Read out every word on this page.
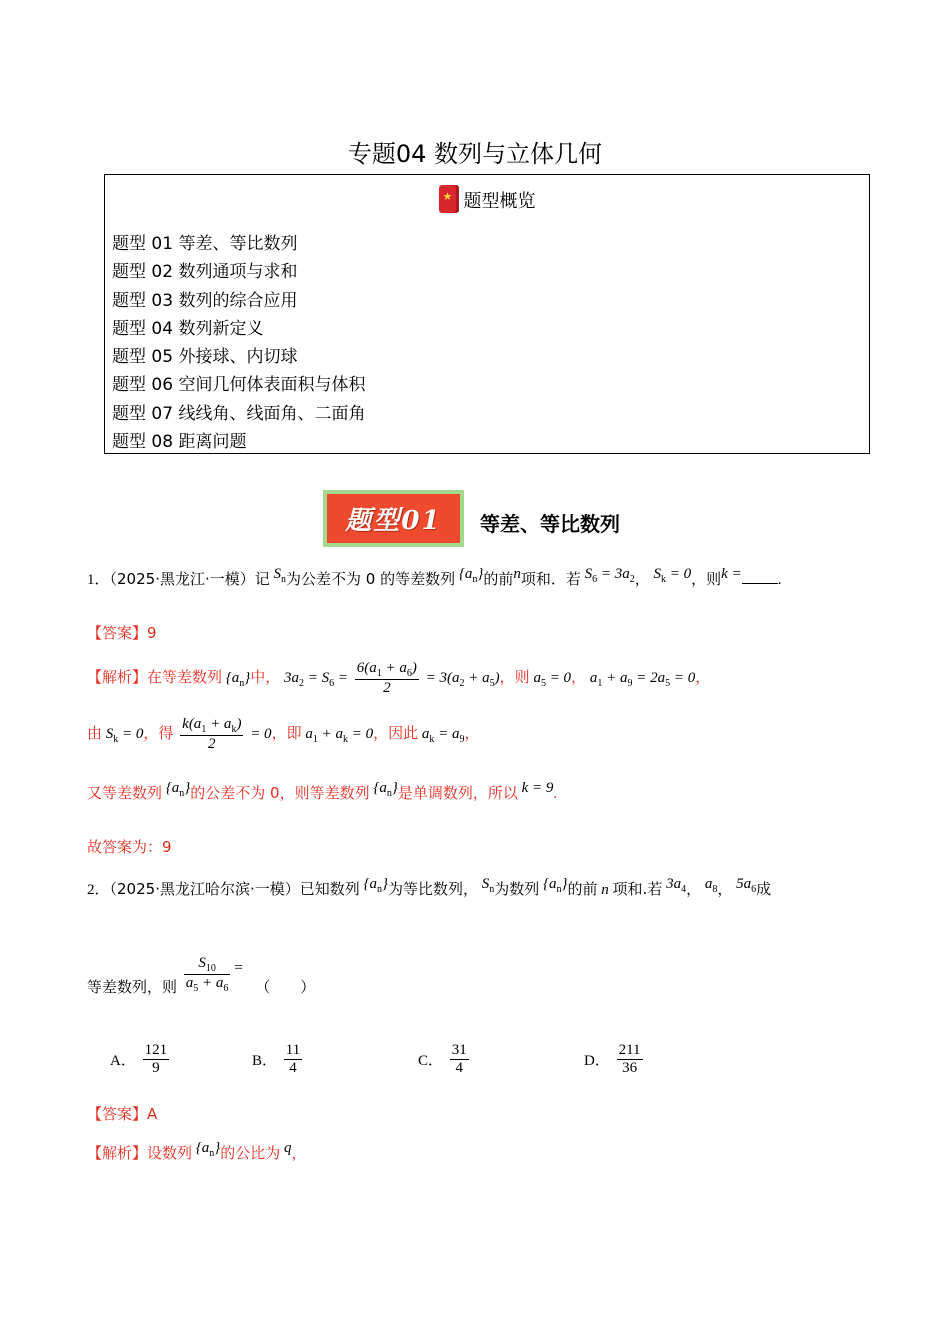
专题04 数列与立体几何
★题型概览
题型 01 等差、等比数列
题型 02 数列通项与求和
题型 03 数列的综合应用
题型 04 数列新定义
题型 05 外接球、内切球
题型 06 空间几何体表面积与体积
题型 07 线线角、线面角、二面角
题型 08 距离问题
题型01	等差、等比数列
1．（2025·黑龙江·一模）记 $S_n$为公差不为 0 的等差数列 $\{a_n\}$的前n项和．若 $S_6 = 3a_2$， $S_k = 0$，则k = .
【答案】9
【解析】在等差数列 $\{a_n\}$中， $3a_2 = S_6 = \frac{6(a_1 + a_6)}{2} = 3(a_2 + a_5)$，则 $a_5 = 0$， $a_1 + a_9 = 2a_5 = 0$，
由 $S_k = 0$，得 $\frac{k(a_1 + a_k)}{2} = 0$，即 $a_1 + a_k = 0$，因此 $a_k = a_9$，
又等差数列 $\{a_n\}$的公差不为 0，则等差数列 $\{a_n\}$是单调数列，所以 k = 9.
故答案为：9
2．（2025·黑龙江哈尔滨·一模）已知数列 $\{a_n\}$为等比数列， $S_n$为数列 $\{a_n\}$的前 n 项和.若 $3a_4$， $a_8$， $5a_6$成
等差数列，则 $\frac{S_{10}}{a_5 + a_6}$ = （　　）
A． $\frac{121}{9}$	B． $\frac{11}{4}$	C． $\frac{31}{4}$	D． $\frac{211}{36}$
【答案】A
【解析】设数列 $\{a_n\}$的公比为 q，
